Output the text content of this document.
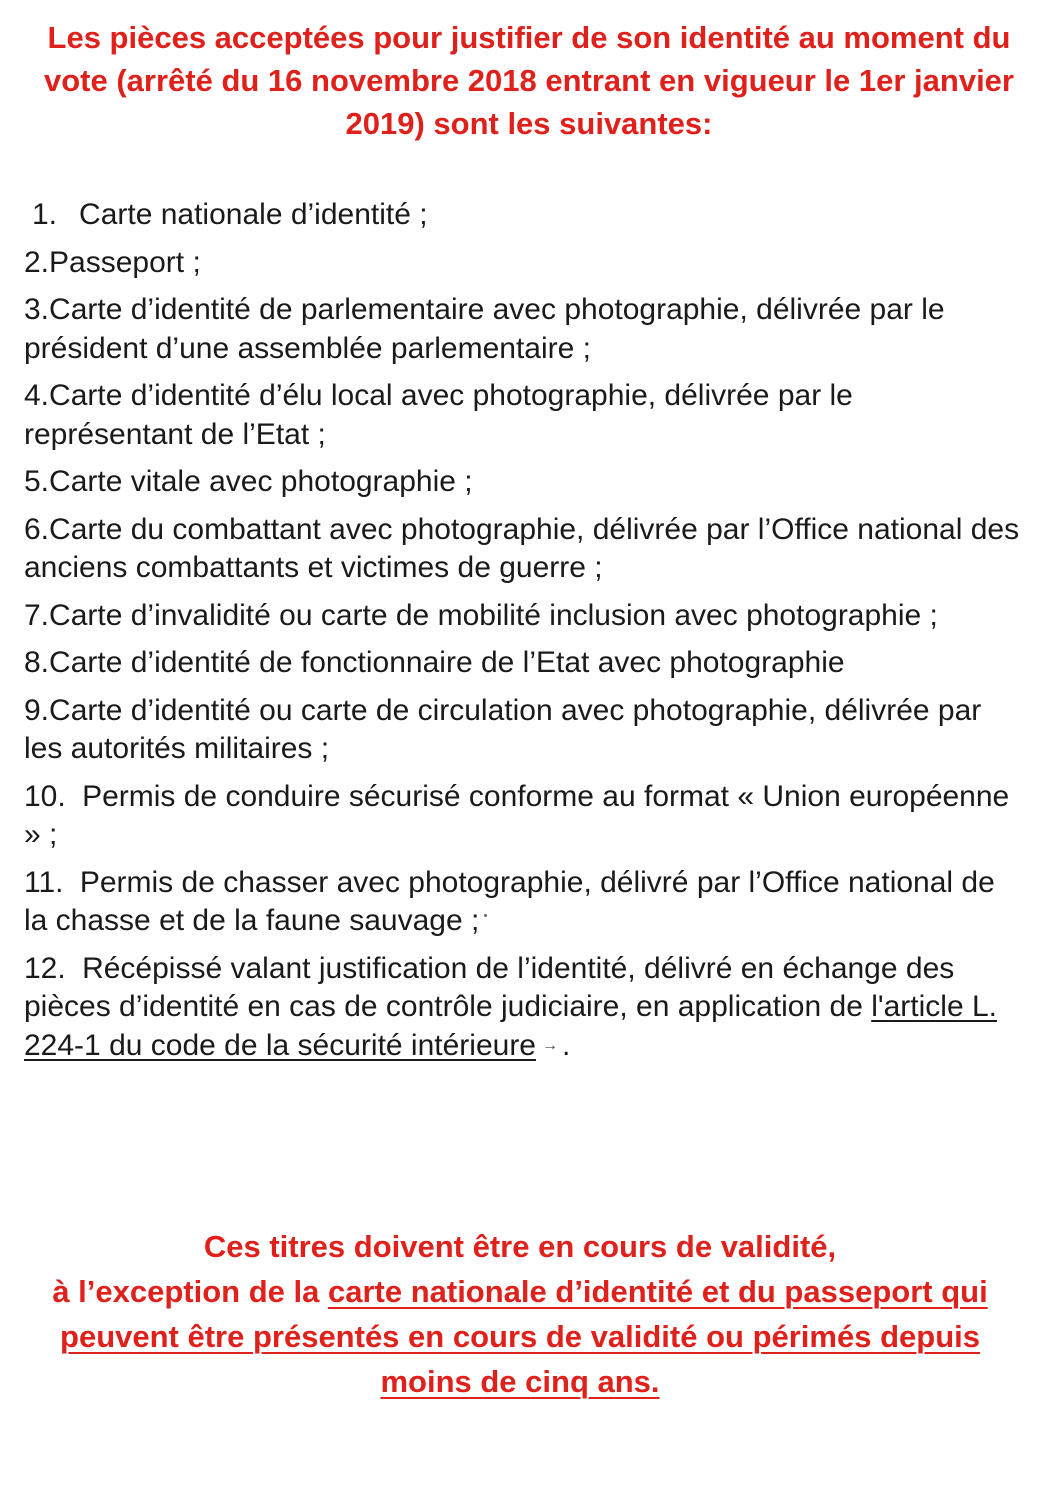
Les pièces acceptées pour justifier de son identité au moment du vote (arrêté du 16 novembre 2018 entrant en vigueur le 1er janvier 2019) sont les suivantes:
1. Carte nationale d’identité ;
2.Passeport ;
3.Carte d’identité de parlementaire avec photographie, délivrée par le président d’une assemblée parlementaire ;
4.Carte d’identité d’élu local avec photographie, délivrée par le représentant de l’Etat ;
5.Carte vitale avec photographie ;
6.Carte du combattant avec photographie, délivrée par l’Office national des anciens combattants et victimes de guerre ;
7.Carte d’invalidité ou carte de mobilité inclusion avec photographie ;
8.Carte d’identité de fonctionnaire de l’Etat avec photographie
9.Carte d’identité ou carte de circulation avec photographie, délivrée par les autorités militaires ;
10. Permis de conduire sécurisé conforme au format « Union européenne » ;
11. Permis de chasser avec photographie, délivré par l’Office national de la chasse et de la faune sauvage ;
12. Récépissé valant justification de l’identité, délivré en échange des pièces d’identité en cas de contrôle judiciaire, en application de l'article L. 224-1 du code de la sécurité intérieure → .
Ces titres doivent être en cours de validité,
à l’exception de la carte nationale d’identité et du passeport qui peuvent être présentés en cours de validité ou périmés depuis moins de cinq ans.
